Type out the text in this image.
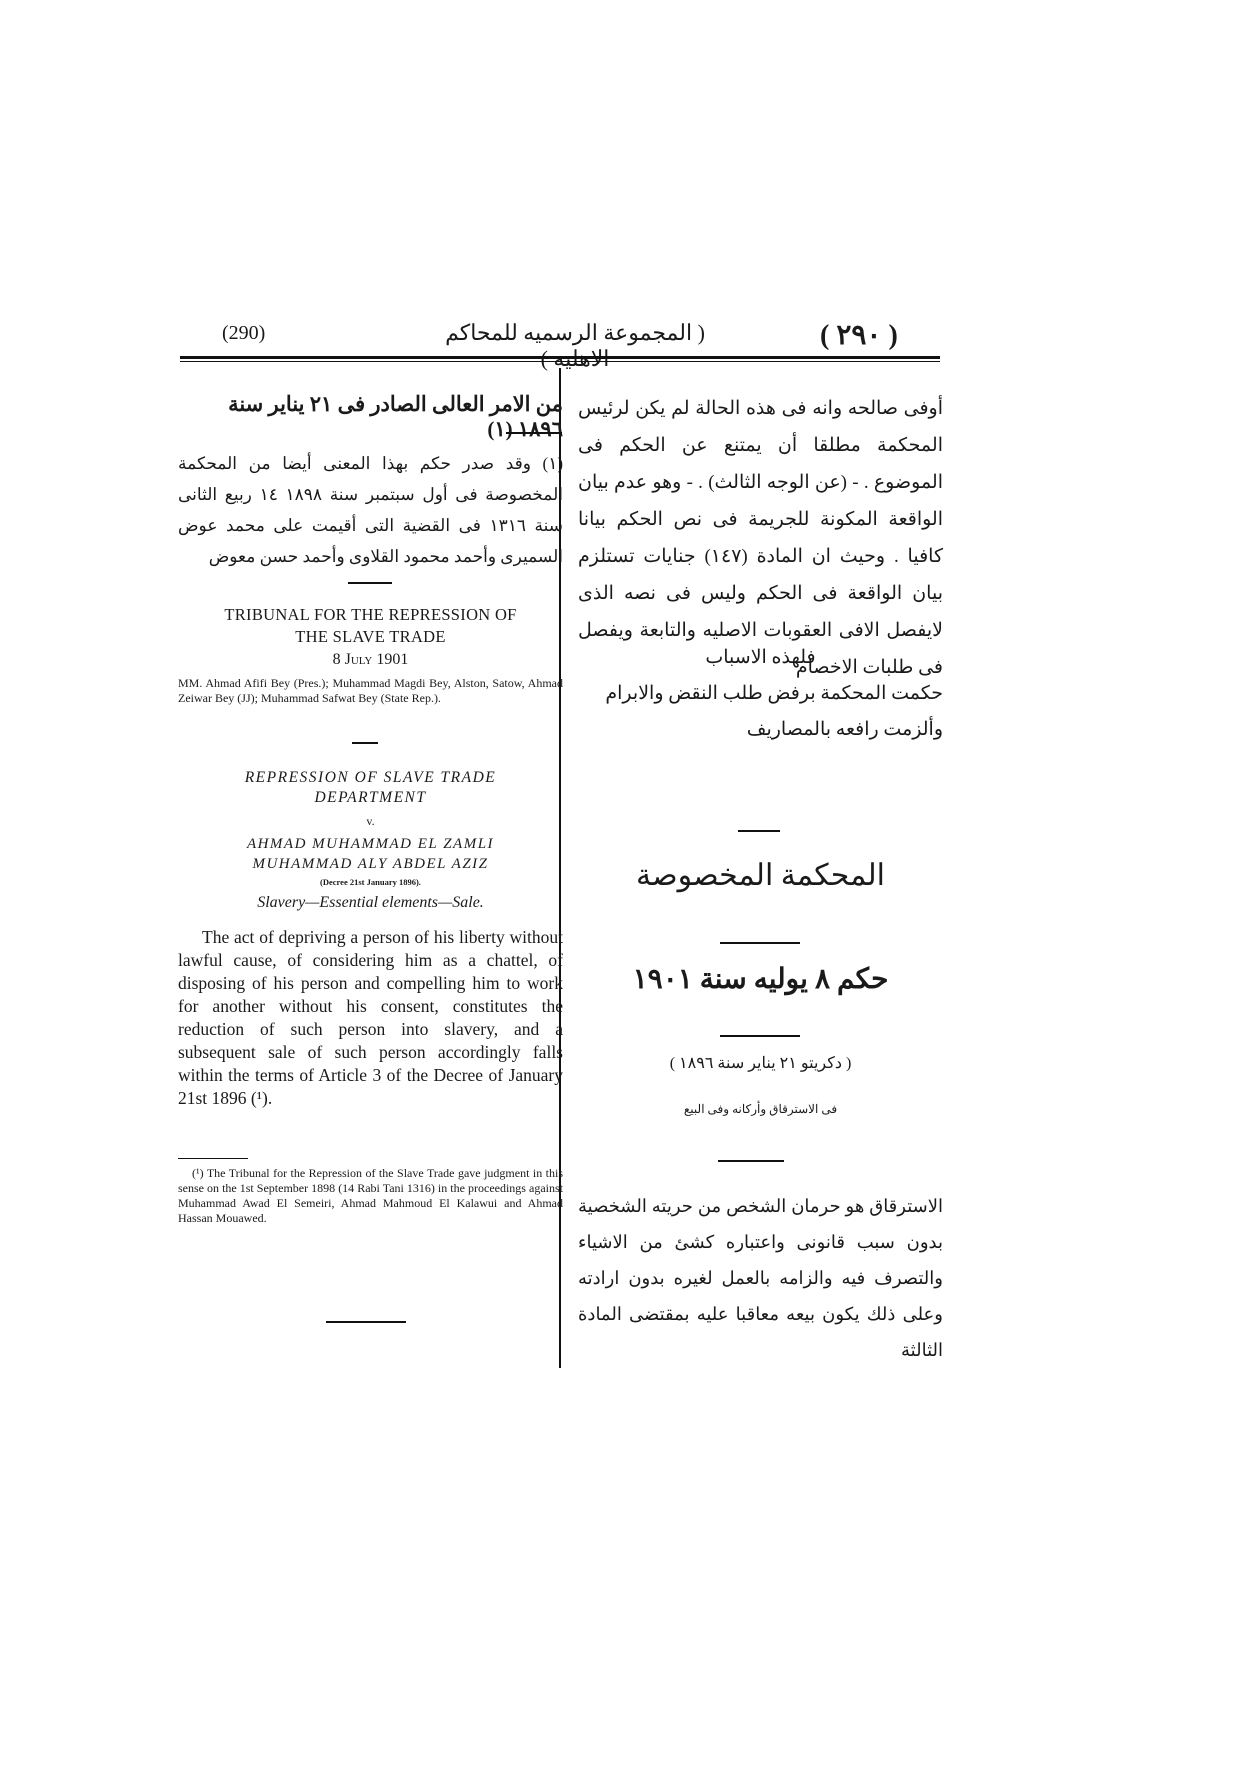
(290)	( المجموعة الرسميه للمحاكم الاهليه )
( ٢٩٠ )
من الامر العالى الصادر فى ٢١ يناير سنة ١٨٩٦ (١)
(١) وقد صدر حكم بهذا المعنى أيضا من المحكمة المخصوصة فى أول سبتمبر سنة ١٨٩٨ ١٤ ربيع الثانى سنة ١٣١٦ فى القضية التى أقيمت على محمد عوض السميرى وأحمد محمود القلاوى وأحمد حسن معوض
TRIBUNAL FOR THE REPRESSION OF
THE SLAVE TRADE
8 July 1901
MM. Ahmad Afifi Bey (Pres.); Muhammad Magdi Bey, Alston, Satow, Ahmad Zeiwar Bey (JJ); Muhammad Safwat Bey (State Rep.).
REPRESSION OF SLAVE TRADE
DEPARTMENT
v.
AHMAD MUHAMMAD EL ZAMLI
MUHAMMAD ALY ABDEL AZIZ
(Decree 21st January 1896).
Slavery—Essential elements—Sale.
The act of depriving a person of his liberty without lawful cause, of considering him as a chattel, of disposing of his person and compelling him to work for another without his consent, constitutes the reduction of such person into slavery, and a subsequent sale of such person accordingly falls within the terms of Article 3 of the Decree of January 21st 1896 (¹).
(¹) The Tribunal for the Repression of the Slave Trade gave judgment in this sense on the 1st September 1898 (14 Rabi Tani 1316) in the proceedings against Muhammad Awad El Semeiri, Ahmad Mahmoud El Kalawui and Ahmad Hassan Mouawed.
أوفى صالحه وانه فى هذه الحالة لم يكن لرئيس المحكمة مطلقا أن يمتنع عن الحكم فى الموضوع . - (عن الوجه الثالث) . - وهو عدم بيان الواقعة المكونة للجريمة فى نص الحكم بيانا كافيا . وحيث ان المادة (١٤٧) جنايات تستلزم بيان الواقعة فى الحكم وليس فى نصه الذى لايفصل الافى العقوبات الاصليه والتابعة ويفصل فى طلبات الاخصام
فلهذه الاسباب
حكمت المحكمة برفض طلب النقض والابرام وألزمت رافعه بالمصاريف
المحكمة المخصوصة
حكم ٨ يوليه سنة ١٩٠١
( دكريتو ٢١ يناير سنة ١٨٩٦ )
فى الاسترقاق وأركانه وفى البيع
الاسترقاق هو حرمان الشخص من حريته الشخصية بدون سبب قانونى واعتباره كشئ من الاشياء والتصرف فيه والزامه بالعمل لغيره بدون ارادته وعلى ذلك يكون بيعه معاقبا عليه بمقتضى المادة الثالثة
